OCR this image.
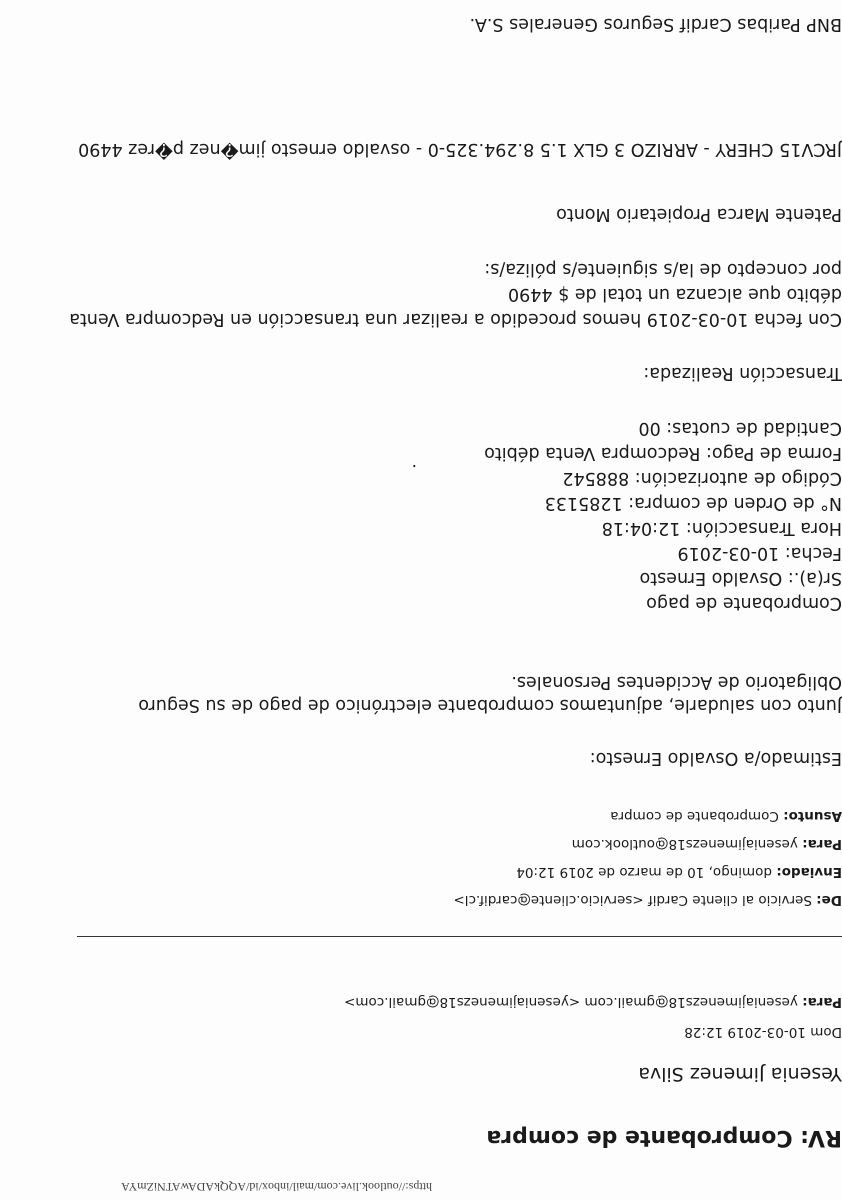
https://outlook.live.com/mail/inbox/id/AQQkADAwATNiZmYA
RV: Comprobante de compra
Yesenia Jimenez Silva
Dom 10-03-2019 12:28
Para: yeseniajimenezs18@gmail.com <yeseniajimenezs18@gmail.com>
De: Servicio al cliente Cardif <servicio.cliente@cardif.cl>
Enviado: domingo, 10 de marzo de 2019 12:04
Para: yeseniajimenezs18@outlook.com
Asunto: Comprobante de compra
Estimado/a Osvaldo Ernesto:
Junto con saludarle, adjuntamos comprobante electrónico de pago de su Seguro
Obligatorio de Accidentes Personales.
Comprobante de pago
Sr(a).: Osvaldo Ernesto
Fecha: 10-03-2019
Hora Transacción: 12:04:18
N° de Orden de compra: 1285133
Código de autorización: 888542
.
Forma de Pago: Redcompra Venta débito
Cantidad de cuotas: 00
Transacción Realizada:
Con fecha 10-03-2019 hemos procedido a realizar una transacción en Redcompra Venta
débito que alcanza un total de $ 4490
por concepto de la/s siguiente/s póliza/s:
Patente Marca Propietario Monto
JRCV15 CHERY - ARRIZO 3 GLX 1.5 8.294.325-0 - osvaldo ernesto jim�nez p�rez 4490
BNP Paribas Cardif Seguros Generales S.A.
